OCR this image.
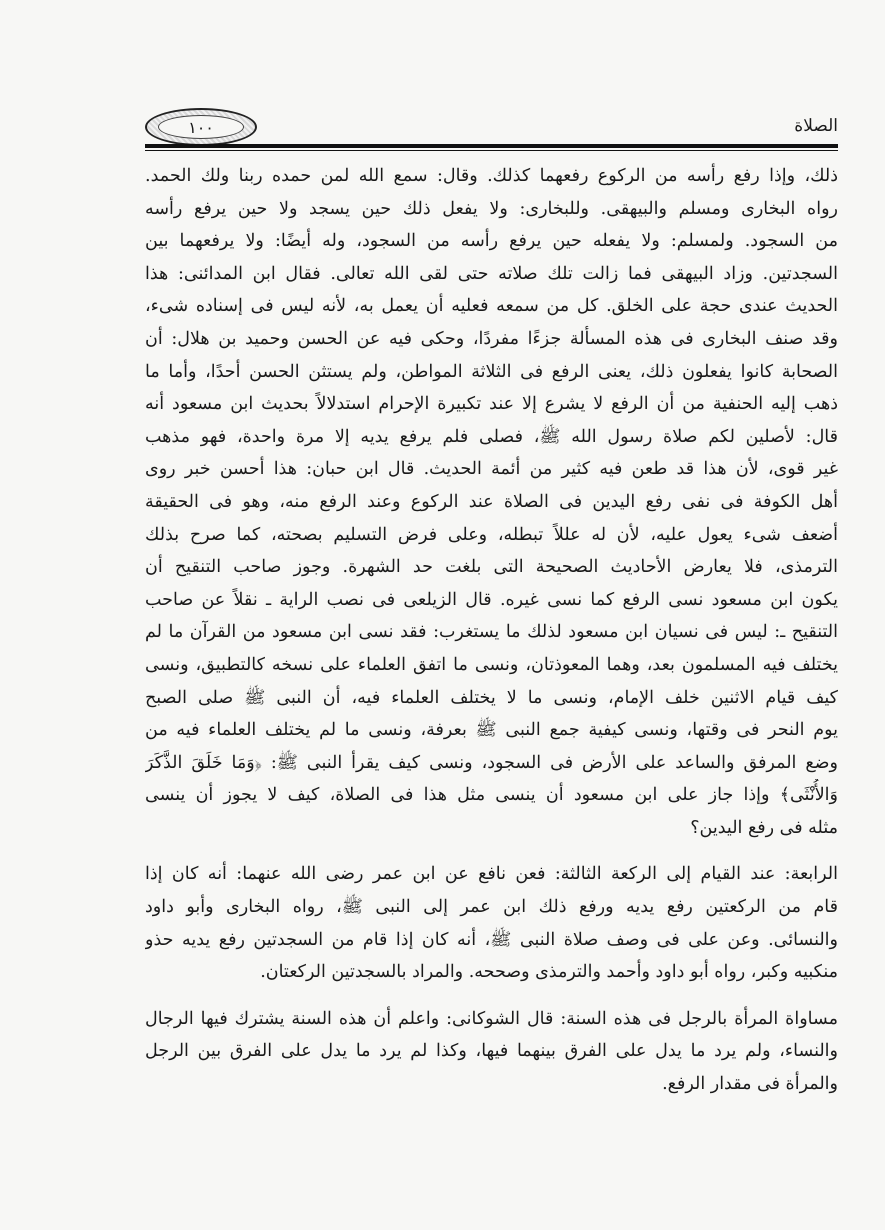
١٠٠	الصلاة
ذلك، وإذا رفع رأسه من الركوع رفعهما كذلك. وقال: سمع الله لمن حمده ربنا ولك الحمد.
رواه البخارى ومسلم والبيهقى. وللبخارى: ولا يفعل ذلك حين يسجد ولا حين يرفع رأسه
من السجود. ولمسلم: ولا يفعله حين يرفع رأسه من السجود، وله أيضًا: ولا يرفعهما بين
السجدتين. وزاد البيهقى فما زالت تلك صلاته حتى لقى الله تعالى. فقال ابن المدائنى: هذا
الحديث عندى حجة على الخلق. كل من سمعه فعليه أن يعمل به، لأنه ليس فى إسناده شىء،
وقد صنف البخارى فى هذه المسألة جزءًا مفردًا، وحكى فيه عن الحسن وحميد بن هلال: أن
الصحابة كانوا يفعلون ذلك، يعنى الرفع فى الثلاثة المواطن، ولم يستثن الحسن أحدًا، وأما ما
ذهب إليه الحنفية من أن الرفع لا يشرع إلا عند تكبيرة الإحرام استدلالاً بحديث ابن مسعود أنه
قال: لأصلين لكم صلاة رسول الله ﷺ، فصلى فلم يرفع يديه إلا مرة واحدة، فهو مذهب
غير قوى، لأن هذا قد طعن فيه كثير من أئمة الحديث. قال ابن حبان: هذا أحسن خبر روى
أهل الكوفة فى نفى رفع اليدين فى الصلاة عند الركوع وعند الرفع منه، وهو فى الحقيقة
أضعف شىء يعول عليه، لأن له عللاً تبطله، وعلى فرض التسليم بصحته، كما صرح بذلك
الترمذى، فلا يعارض الأحاديث الصحيحة التى بلغت حد الشهرة. وجوز صاحب التنقيح أن
يكون ابن مسعود نسى الرفع كما نسى غيره. قال الزيلعى فى نصب الراية ـ نقلاً عن صاحب
التنقيح ـ: ليس فى نسيان ابن مسعود لذلك ما يستغرب: فقد نسى ابن مسعود من القرآن ما لم
يختلف فيه المسلمون بعد، وهما المعوذتان، ونسى ما اتفق العلماء على نسخه كالتطبيق، ونسى
كيف قيام الاثنين خلف الإمام، ونسى ما لا يختلف العلماء فيه، أن النبى ﷺ صلى الصبح
يوم النحر فى وقتها، ونسى كيفية جمع النبى ﷺ بعرفة، ونسى ما لم يختلف العلماء فيه من
وضع المرفق والساعد على الأرض فى السجود، ونسى كيف يقرأ النبى ﷺ: ﴿وَمَا خَلَقَ الذَّكَرَ
وَالأُنْثَى﴾ وإذا جاز على ابن مسعود أن ينسى مثل هذا فى الصلاة، كيف لا يجوز أن ينسى
مثله فى رفع اليدين؟
الرابعة: عند القيام إلى الركعة الثالثة: فعن نافع عن ابن عمر رضى الله عنهما: أنه كان إذا
قام من الركعتين رفع يديه ورفع ذلك ابن عمر إلى النبى ﷺ، رواه البخارى وأبو داود
والنسائى. وعن على فى وصف صلاة النبى ﷺ، أنه كان إذا قام من السجدتين رفع يديه حذو
منكبيه وكبر، رواه أبو داود وأحمد والترمذى وصححه. والمراد بالسجدتين الركعتان.
مساواة المرأة بالرجل فى هذه السنة: قال الشوكانى: واعلم أن هذه السنة يشترك فيها الرجال
والنساء، ولم يرد ما يدل على الفرق بينهما فيها، وكذا لم يرد ما يدل على الفرق بين الرجل
والمرأة فى مقدار الرفع.
